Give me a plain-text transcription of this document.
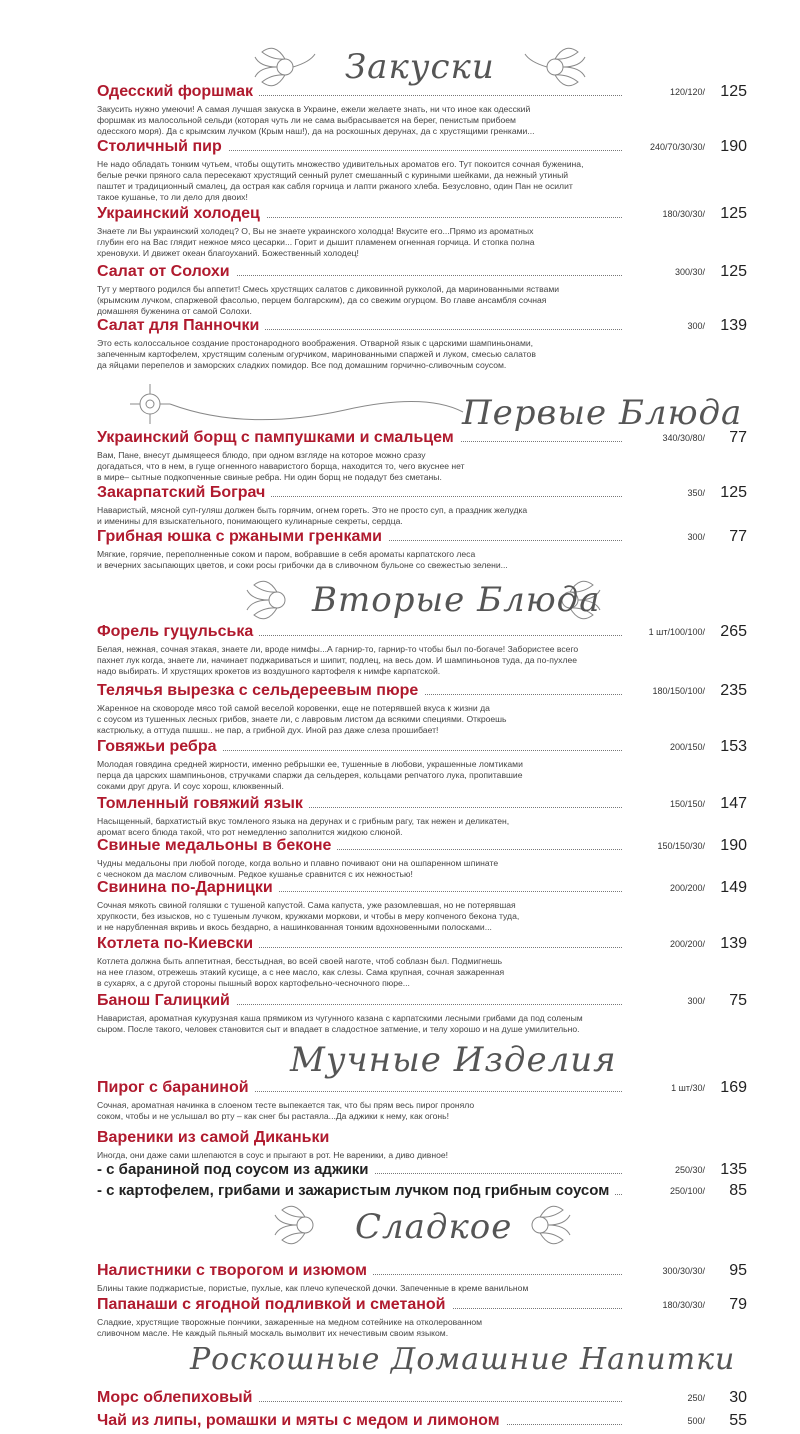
Закуски
Первые Блюда
Вторые Блюда
Мучные Изделия
Сладкое
Роскошные Домашние Напитки
Одесский форшмак	120/120/ 125
Закусить нужно умеючи! А самая лучшая закуска в Украине, ежели желаете знать, ни что иное как одесский
форшмак из малосольной сельди (которая чуть ли не сама выбрасывается на берег, пенистым прибоем
одесского моря). Да с крымским лучком (Крым наш!), да на роскошных дерунах, да с хрустящими гренками...
Столичный пир	240/70/30/30/ 190
Не надо обладать тонким чутьем, чтобы ощутить множество удивительных ароматов его. Тут покоится сочная буженина,
белые речки пряного сала пересекают хрустящий сенный рулет смешанный с куриными шейками, да нежный утиный
паштет и традиционный смалец, да острая как сабля горчица и лапти ржаного хлеба. Безусловно, один Пан не осилит
такое кушанье, то ли дело для двоих!
Украинский холодец	180/30/30/ 125
Знаете ли Вы украинский холодец? О, Вы не знаете украинского холодца! Вкусите его...Прямо из ароматных
глубин его на Вас глядит нежное мясо цесарки... Горит и дышит пламенем огненная горчица. И стопка полна
хреновухи. И движет океан благоуханий. Божественный холодец!
Салат от Солохи	300/30/ 125
Тут у мертвого родился бы аппетит! Смесь хрустящих салатов с диковинной рукколой, да маринованными яствами
(крымским лучком, спаржевой фасолью, перцем болгарским), да со свежим огурцом. Во главе ансамбля сочная
домашняя буженина от самой Солохи.
Салат для Панночки	300/ 139
Это есть колоссальное создание простонародного воображения. Отварной язык с царскими шампиньонами,
запеченным картофелем, хрустящим соленым огурчиком, маринованными спаржей и луком, смесью салатов
да яйцами перепелов и заморских сладких помидор. Все под домашним горчично-сливочным соусом.
Украинский борщ с пампушками и смальцем	340/30/80/	77
Вам, Пане, внесут дымящееся блюдо, при одном взгляде на которое можно сразу
догадаться, что в нем, в гуще огненного наваристого борща, находится то, чего вкуснее нет
в мире– сытные подкопченные свиные ребра. Ни один борщ не подадут без сметаны.
Закарпатский Бограч	350/ 125
Наваристый, мясной суп-гуляш должен быть горячим, огнем гореть. Это не просто суп, а праздник желудка
и именины для взыскательного, понимающего кулинарные секреты, сердца.
Грибная юшка с ржаными гренками	300/	77
Мягкие, горячие, переполненные соком и паром, вобравшие в себя ароматы карпатского леса
и вечерних засыпающих цветов, и соки росы грибочки да в сливочном бульоне со свежестью зелени...
Форель гуцульська	1 шт/100/100/ 265
Белая, нежная, сочная этакая, знаете ли, вроде нимфы...А гарнир-то, гарнир-то чтобы был по-богаче! Забористее всего
пахнет лук когда, знаете ли, начинает поджариваться и шипит, подлец, на весь дом. И шампиньонов туда, да по-пухлее
надо выбирать. И хрустящих крокетов из воздушного картофеля к нимфе карпатской.
Телячья вырезка с сельдереевым пюре	180/150/100/ 235
Жаренное на сковороде мясо той самой веселой коровенки, еще не потерявшей вкуса к жизни да
с соусом из тушенных лесных грибов, знаете ли, с лавровым листом да всякими специями. Откроешь
кастрюльку, а оттуда пшшш.. не пар, а грибной дух. Иной раз даже слеза прошибает!
Говяжьи ребра	200/150/ 153
Молодая говядина средней жирности, именно ребрышки ее, тушенные в любови, украшенные ломтиками
перца да царских шампиньонов, стручками спаржи да сельдерея, кольцами репчатого лука, пропитавшие
соками друг друга. И соус хорош, клюквенный.
Томленный говяжий язык	150/150/ 147
Насыщенный, бархатистый вкус томленого языка на дерунах и с грибным рагу, так нежен и деликатен,
аромат всего блюда такой, что рот немедленно заполнится жидкою слюной.
Свиные медальоны в беконе	150/150/30/ 190
Чудны медальоны при любой погоде, когда вольно и плавно почивают они на ошпаренном шпинате
с чесноком да маслом сливочным. Редкое кушанье сравнится с их нежностью!
Свинина по-Дарницки	200/200/ 149
Сочная мякоть свиной голяшки с тушеной капустой. Сама капуста, уже разомлевшая, но не потерявшая
хрупкости, без изысков, но с тушеным лучком, кружками моркови, и чтобы в меру копченого бекона туда,
и не нарубленная вкривь и вкось бездарно, а нашинкованная тонким вдохновенными полосками...
Котлета по-Киевски	200/200/ 139
Котлета должна быть аппетитная, бесстыдная, во всей своей наготе, чтоб соблазн был. Подмигнешь
на нее глазом, отрежешь этакий кусище, а с нее масло, как слезы. Сама крупная, сочная зажаренная
в сухарях, а с другой стороны пышный ворох картофельно-чесночного пюре...
Банош Галицкий	300/	75
Наваристая, ароматная кукурузная каша прямиком из чугунного казана с карпатскими лесными грибами да под соленым
сыром. После такого, человек становится сыт и впадает в сладостное затмение, и телу хорошо и на душе умилительно.
Пирог с бараниной	1 шт/30/ 169
Сочная, ароматная начинка в слоеном тесте выпекается так, что бы прям весь пирог проняло
соком, чтобы и не услышал во рту – как снег бы растаяла...Да аджики к нему, как огонь!
Вареники из самой Диканьки
Иногда, они даже сами шлепаются в соус и прыгают в рот. Не вареники, а диво дивное!
- с бараниной под соусом из аджики	250/30/ 135
- с картофелем, грибами и зажаристым лучком под грибным соусом	250/100/	85
Налистники с творогом и изюмом	300/30/30/	95
Блины такие поджаристые, пористые, пухлые, как плечо купеческой дочки. Запеченные в креме ванильном
Папанаши с ягодной подливкой и сметаной	180/30/30/	79
Сладкие, хрустящие творожные пончики, зажаренные на медном сотейнике на отколерованном
сливочном масле. Не каждый пьяный москаль вымолвит их нечестивым своим языком.
Морс облепиховый	250/	30
Чай из липы, ромашки и мяты с медом и лимоном	500/	55
